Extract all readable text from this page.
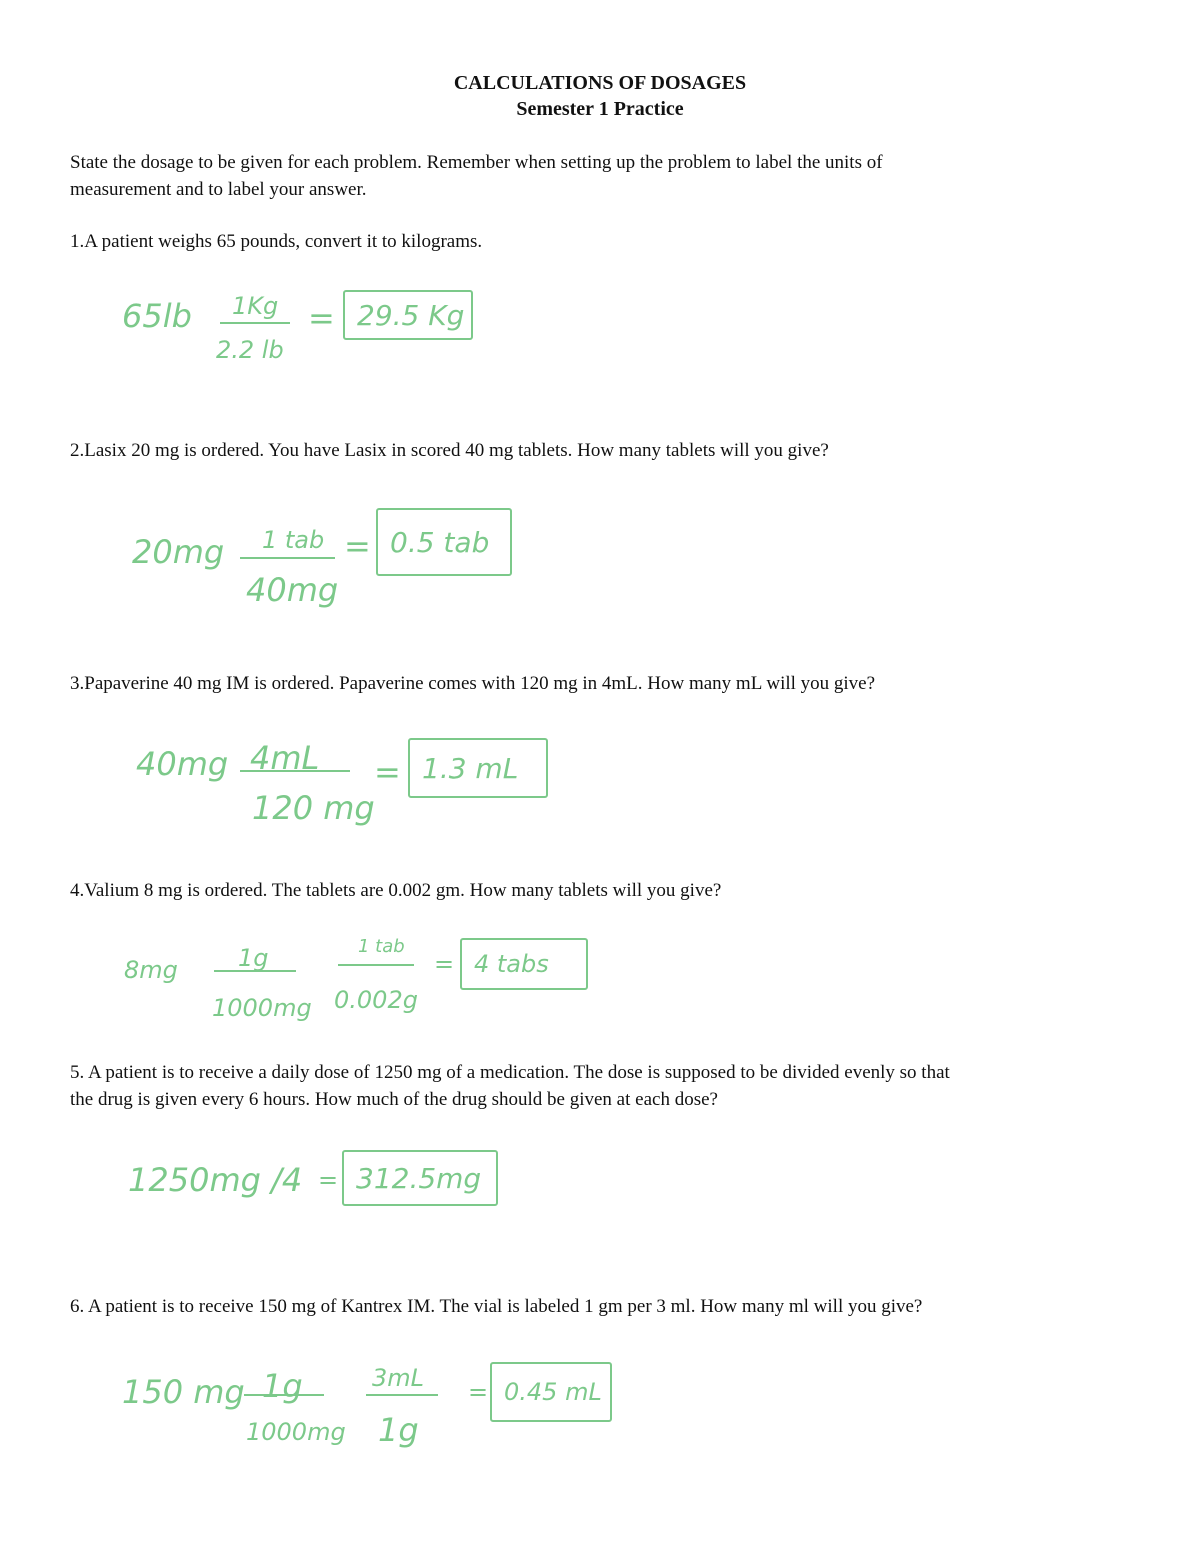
CALCULATIONS OF DOSAGES
Semester 1 Practice
State the dosage to be given for each problem. Remember when setting up the problem to label the units of
measurement and to label your answer.
1.A patient weighs 65 pounds, convert it to kilograms.
65lb 1Kg
2.2 lb
= 29.5 Kg
2.Lasix 20 mg is ordered. You have Lasix in scored 40 mg tablets. How many tablets will you give?
20mg 1 tab
40mg
= 0.5 tab
3.Papaverine 40 mg IM is ordered. Papaverine comes with 120 mg in 4mL. How many mL will you give?
40mg 4mL
120 mg
= 1.3 mL
4.Valium 8 mg is ordered. The tablets are 0.002 gm. How many tablets will you give?
8mg	1g
1000mg
1 tab
0.002g
= 4 tabs
5. A patient is to receive a daily dose of 1250 mg of a medication. The dose is supposed to be divided evenly so that
the drug is given every 6 hours. How much of the drug should be given at each dose?
1250mg /4 = 312.5mg
6. A patient is to receive 150 mg of Kantrex IM. The vial is labeled 1 gm per 3 ml. How many ml will you give?
150 mg 1g
1000mg
3mL
1g
= 0.45 mL
